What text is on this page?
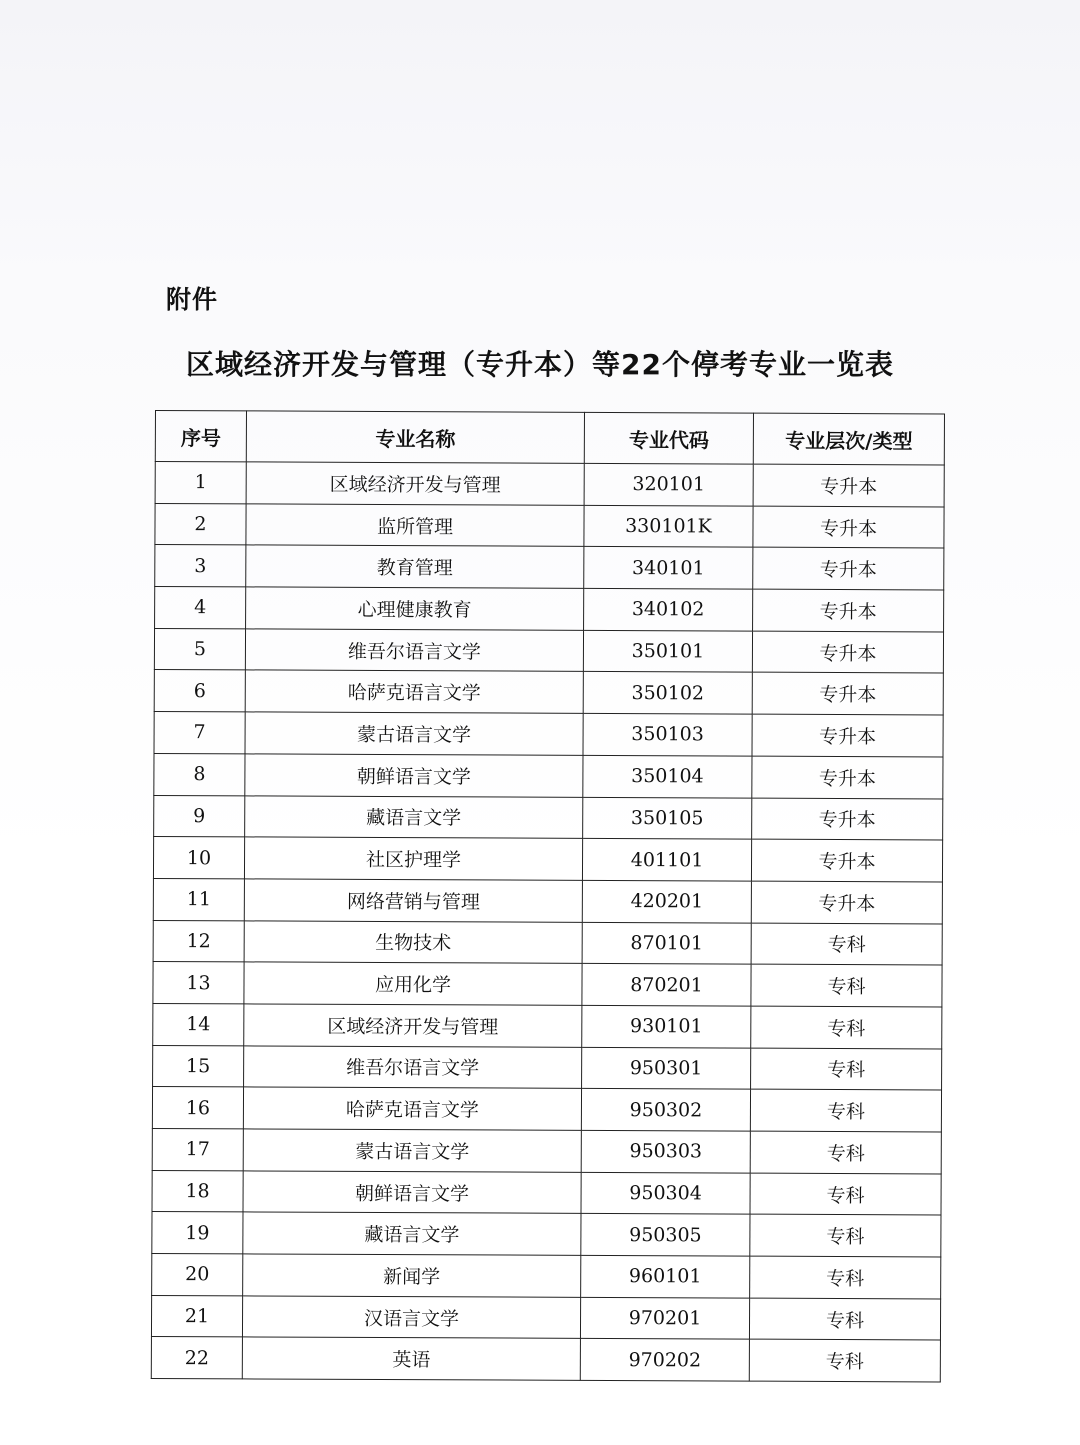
附件
区域经济开发与管理（专升本）等22个停考专业一览表
序号	专业名称	专业代码	专业层次/类型
1	区域经济开发与管理	320101	专升本
2	监所管理	330101K	专升本
3	教育管理	340101	专升本
4	心理健康教育	340102	专升本
5	维吾尔语言文学	350101	专升本
6	哈萨克语言文学	350102	专升本
7	蒙古语言文学	350103	专升本
8	朝鲜语言文学	350104	专升本
9	藏语言文学	350105	专升本
10	社区护理学	401101	专升本
11	网络营销与管理	420201	专升本
12	生物技术	870101	专科
13	应用化学	870201	专科
14	区域经济开发与管理	930101	专科
15	维吾尔语言文学	950301	专科
16	哈萨克语言文学	950302	专科
17	蒙古语言文学	950303	专科
18	朝鲜语言文学	950304	专科
19	藏语言文学	950305	专科
20	新闻学	960101	专科
21	汉语言文学	970201	专科
22	英语	970202	专科
